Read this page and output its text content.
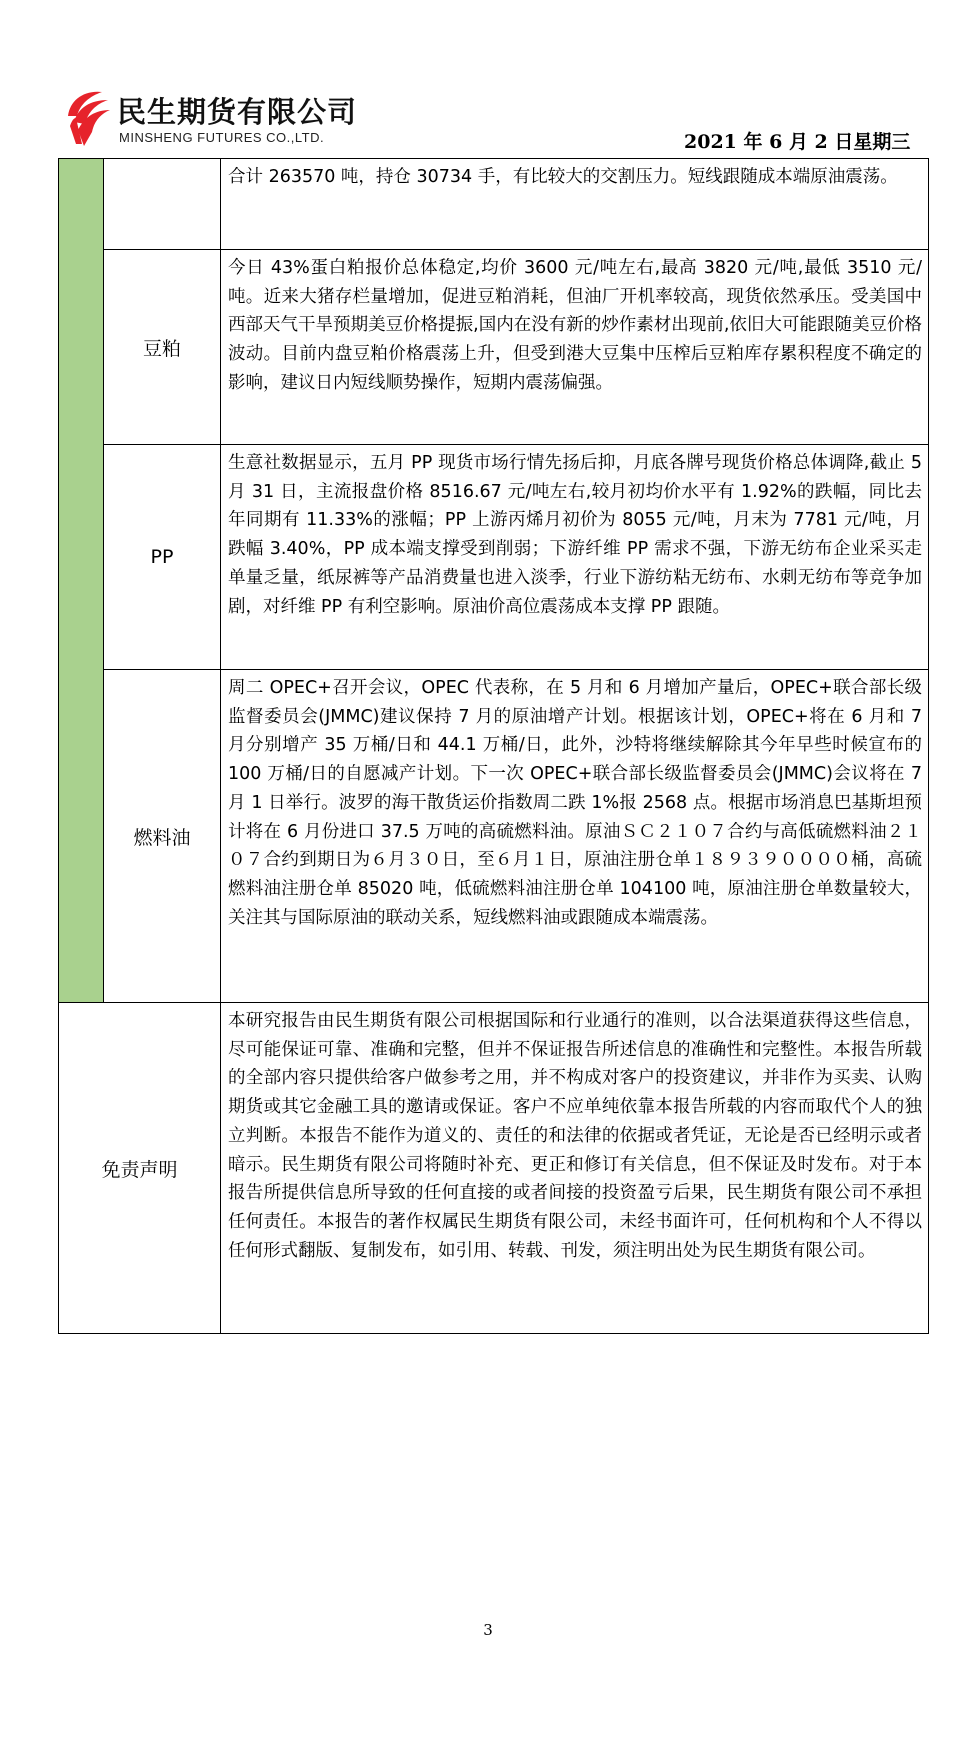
民生期货有限公司
MINSHENG FUTURES CO.,LTD.	2021 年 6 月 2 日星期三
		合计 263570 吨，持仓 30734 手，有比较大的交割压力。短线跟随成本端原油震荡。
	豆粕	今日 43%蛋白粕报价总体稳定,均价 3600 元/吨左右,最高 3820 元/吨,最低 3510 元/吨。近来大猪存栏量增加，促进豆粕消耗，但油厂开机率较高，现货依然承压。受美国中西部天气干旱预期美豆价格提振,国内在没有新的炒作素材出现前,依旧大可能跟随美豆价格波动。目前内盘豆粕价格震荡上升，但受到港大豆集中压榨后豆粕库存累积程度不确定的影响，建议日内短线顺势操作，短期内震荡偏强。
	PP	生意社数据显示，五月 PP 现货市场行情先扬后抑，月底各牌号现货价格总体调降,截止 5 月 31 日，主流报盘价格 8516.67 元/吨左右,较月初均价水平有 1.92%的跌幅，同比去年同期有 11.33%的涨幅；PP 上游丙烯月初价为 8055 元/吨，月末为 7781 元/吨，月跌幅 3.40%，PP 成本端支撑受到削弱；下游纤维 PP 需求不强，下游无纺布企业采买走单量乏量，纸尿裤等产品消费量也进入淡季，行业下游纺粘无纺布、水刺无纺布等竞争加剧，对纤维 PP 有利空影响。原油价高位震荡成本支撑 PP 跟随。
	燃料油	周二 OPEC+召开会议，OPEC 代表称，在 5 月和 6 月增加产量后，OPEC+联合部长级监督委员会(JMMC)建议保持 7 月的原油增产计划。根据该计划，OPEC+将在 6 月和 7 月分别增产 35 万桶/日和 44.1 万桶/日，此外，沙特将继续解除其今年早些时候宣布的 100 万桶/日的自愿减产计划。下一次 OPEC+联合部长级监督委员会(JMMC)会议将在 7 月 1 日举行。波罗的海干散货运价指数周二跌 1%报 2568 点。根据市场消息巴基斯坦预计将在 6 月份进口 37.5 万吨的高硫燃料油。原油ＳＣ２１０７合约与高低硫燃料油２１０７合约到期日为６月３０日，至６月１日，原油注册仓单１８９３９００００桶，高硫燃料油注册仓单 85020 吨，低硫燃料油注册仓单 104100 吨，原油注册仓单数量较大，关注其与国际原油的联动关系，短线燃料油或跟随成本端震荡。
免责声明		本研究报告由民生期货有限公司根据国际和行业通行的准则，以合法渠道获得这些信息，尽可能保证可靠、准确和完整，但并不保证报告所述信息的准确性和完整性。本报告所载的全部内容只提供给客户做参考之用，并不构成对客户的投资建议，并非作为买卖、认购期货或其它金融工具的邀请或保证。客户不应单纯依靠本报告所载的内容而取代个人的独立判断。本报告不能作为道义的、责任的和法律的依据或者凭证，无论是否已经明示或者暗示。民生期货有限公司将随时补充、更正和修订有关信息，但不保证及时发布。对于本报告所提供信息所导致的任何直接的或者间接的投资盈亏后果，民生期货有限公司不承担任何责任。本报告的著作权属民生期货有限公司，未经书面许可，任何机构和个人不得以任何形式翻版、复制发布，如引用、转载、刊发，须注明出处为民生期货有限公司。
3
